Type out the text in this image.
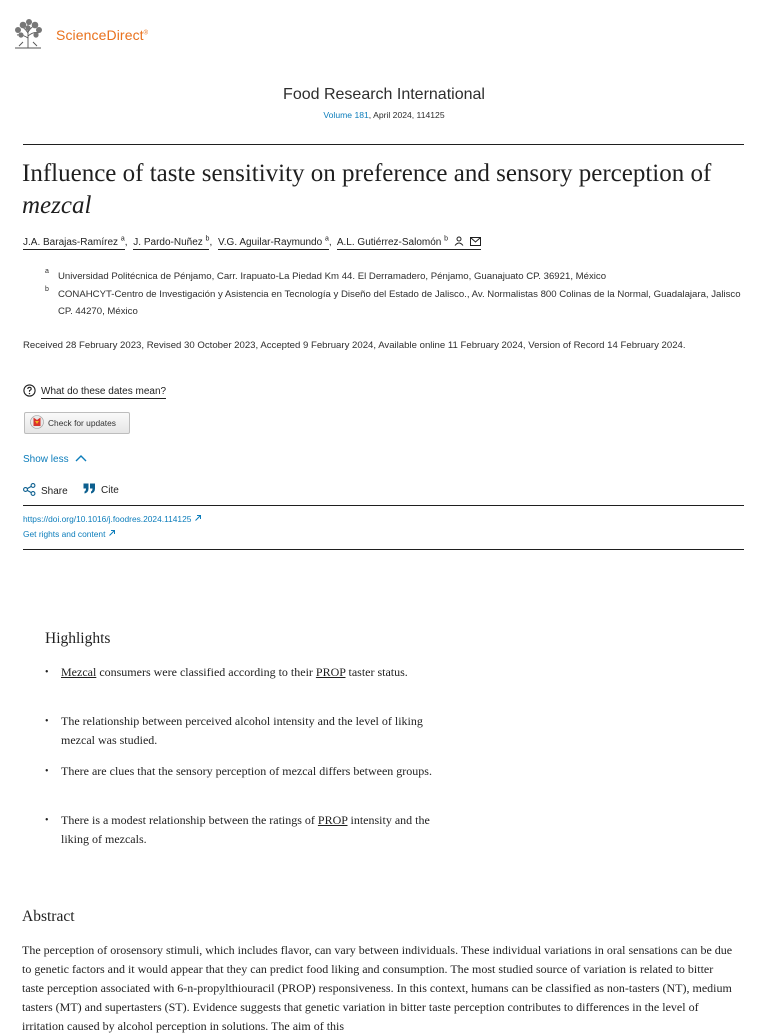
ScienceDirect®
Food Research International
Volume 181, April 2024, 114125
Influence of taste sensitivity on preference and sensory perception of mezcal
J.A. Barajas-Ramírez $^a$, J. Pardo-Nuñez $^b$, V.G. Aguilar-Raymundo $^a$, A.L. Gutiérrez-Salomón $^b$
a Universidad Politécnica de Pénjamo, Carr. Irapuato-La Piedad Km 44. El Derramadero, Pénjamo, Guanajuato CP. 36921, México
b CONAHCYT-Centro de Investigación y Asistencia en Tecnología y Diseño del Estado de Jalisco., Av. Normalistas 800 Colinas de la Normal, Guadalajara, Jalisco CP. 44270, México
Received 28 February 2023, Revised 30 October 2023, Accepted 9 February 2024, Available online 11 February 2024, Version of Record 14 February 2024.
What do these dates mean?
Check for updates
Show less
Share	Cite
https://doi.org/10.1016/j.foodres.2024.114125
Get rights and content
Highlights
• Mezcal consumers were classified according to their PROP taster status.
• The relationship between perceived alcohol intensity and the level of liking mezcal was studied.
• There are clues that the sensory perception of mezcal differs between groups.
• There is a modest relationship between the ratings of PROP intensity and the liking of mezcals.
Abstract

The perception of orosensory stimuli, which includes flavor, can vary between individuals. These individual variations in oral sensations can be due to genetic factors and it would appear that they can predict food liking and consumption. The most studied source of variation is related to bitter taste perception associated with 6-n-propylthiouracil (PROP) responsiveness. In this context, humans can be classified as non-tasters (NT), medium tasters (MT) and supertasters (ST). Evidence suggests that genetic variation in bitter taste perception contributes to differences in the level of irritation caused by alcohol perception in solutions. The aim of this
